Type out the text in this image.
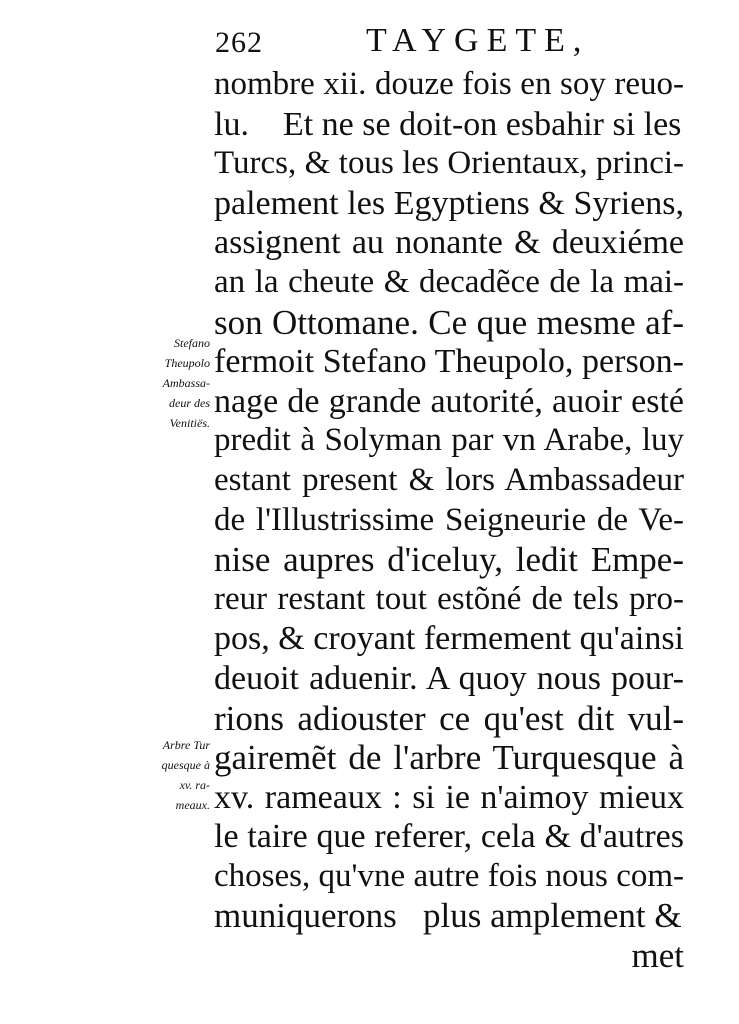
262	TAYGETE,
Stefano
Theupolo
Ambassa-
deur des
Venitiës.
Arbre Tur
quesque à
xv. ra-
meaux.
nombre xii. douze fois en soy reuo-
lu.    Et ne se doit-on esbahir si les
Turcs, & tous les Orientaux, princi-
palement les Egyptiens & Syriens,
assignent au nonante & deuxiéme
an la cheute & decadẽce de la mai-
son Ottomane. Ce que mesme af-
fermoit Stefano Theupolo, person-
nage de grande autorité, auoir esté
predit à Solyman par vn Arabe, luy
estant present & lors Ambassadeur
de l'Illustrissime Seigneurie de Ve-
nise aupres d'iceluy, ledit Empe-
reur restant tout estõné de tels pro-
pos, & croyant fermement qu'ainsi
deuoit aduenir. A quoy nous pour-
rions adiouster ce qu'est dit vul-
gairemẽt de l'arbre Turquesque à
xv. rameaux : si ie n'aimoy mieux
le taire que referer, cela & d'autres
choses, qu'vne autre fois nous com-
muniquerons   plus amplement &
met
